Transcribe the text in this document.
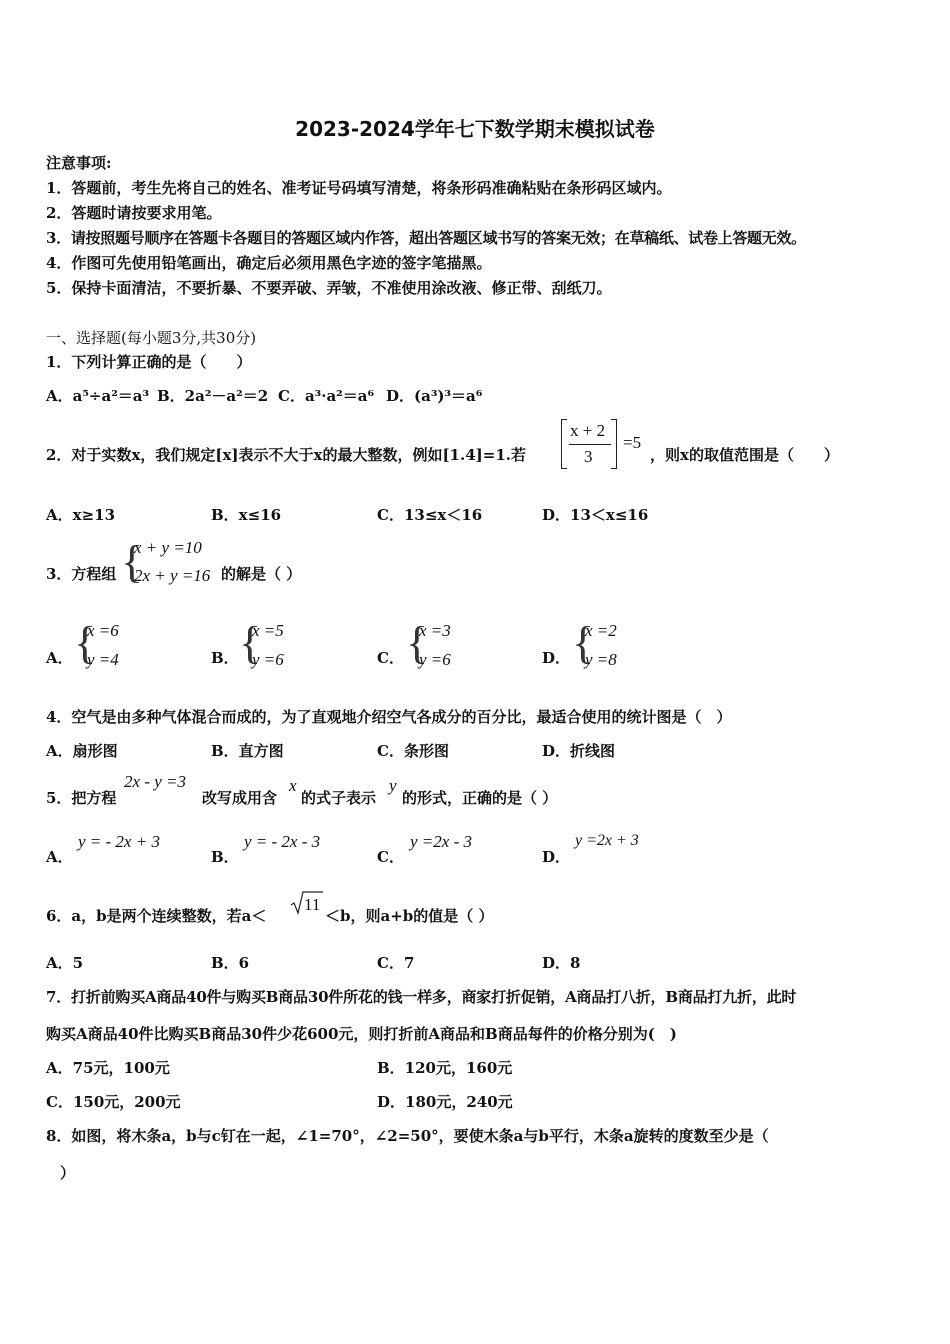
2023-2024学年七下数学期末模拟试卷
注意事项:
1．答题前，考生先将自己的姓名、准考证号码填写清楚，将条形码准确粘贴在条形码区域内。
2．答题时请按要求用笔。
3．请按照题号顺序在答题卡各题目的答题区域内作答，超出答题区域书写的答案无效；在草稿纸、试卷上答题无效。
4．作图可先使用铅笔画出，确定后必须用黑色字迹的签字笔描黑。
5．保持卡面清洁，不要折暴、不要弄破、弄皱，不准使用涂改液、修正带、刮纸刀。
一、选择题(每小题3分,共30分)
1．下列计算正确的是（　　）
A．a⁵÷a²＝a³ B．2a²－a²＝2 C．a³·a²＝a⁶ D．(a³)³＝a⁶
2．对于实数x，我们规定[x]表示不大于x的最大整数，例如[1.4]=1.若
x + 2
3
=5
，则x的取值范围是（　　）
A．x≥13	B．x≤16	C．13≤x＜16	D．13＜x≤16
3．方程组 {
x + y =10
2x + y =16 的解是（ ）
A． {
x =6
y =4	B． {
x =5
y =6	C． {
x =3
y =6	D． {
x =2
y =8
4．空气是由多种气体混合而成的，为了直观地介绍空气各成分的百分比，最适合使用的统计图是（　）
A．扇形图	B．直方图	C．条形图	D．折线图
5．把方程
2x - y =3
改写成用含
x
的式子表示
y
的形式，正确的是（ ）
A．
y = - 2x + 3
B．
y = - 2x - 3
C．
y =2x - 3
D．
y =2x + 3
6．a，b是两个连续整数，若a＜
11
＜b，则a+b的值是（ ）
A．5	B．6	C．7	D．8
7．打折前购买A商品40件与购买B商品30件所花的钱一样多，商家打折促销，A商品打八折，B商品打九折，此时
购买A商品40件比购买B商品30件少花600元，则打折前A商品和B商品每件的价格分别为(　)
A．75元，100元	B．120元，160元
C．150元，200元	D．180元，240元
8．如图，将木条a，b与c钉在一起，∠1=70°，∠2=50°，要使木条a与b平行，木条a旋转的度数至少是（
）
